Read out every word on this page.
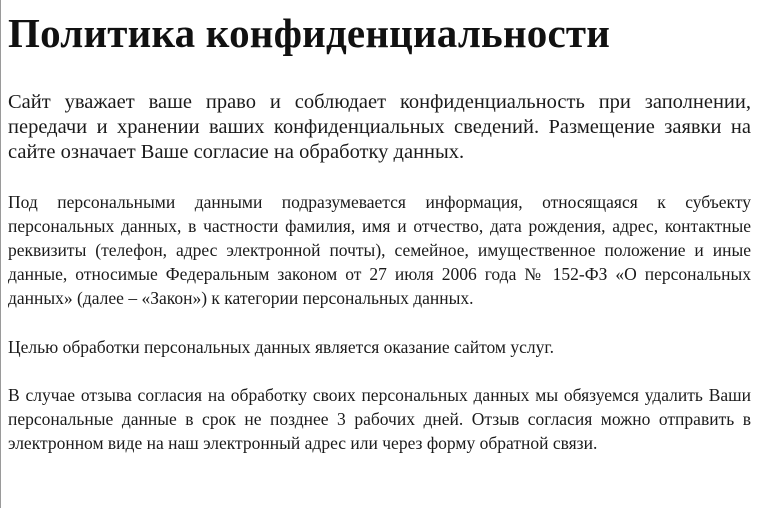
Политика конфиденциальности

Сайт уважает ваше право и соблюдает конфиденциальность при заполнении, передачи и хранении ваших конфиденциальных сведений. Размещение заявки на сайте означает Ваше согласие на обработку данных.

Под персональными данными подразумевается информация, относящаяся к субъекту персональных данных, в частности фамилия, имя и отчество, дата рождения, адрес, контактные реквизиты (телефон, адрес электронной почты), семейное, имущественное положение и иные данные, относимые Федеральным законом от 27 июля 2006 года № 152-ФЗ «О персональных данных» (далее – «Закон») к категории персональных данных.

Целью обработки персональных данных является оказание сайтом услуг.

В случае отзыва согласия на обработку своих персональных данных мы обязуемся удалить Ваши персональные данные в срок не позднее 3 рабочих дней. Отзыв согласия можно отправить в электронном виде на наш электронный адрес или через форму обратной связи.
